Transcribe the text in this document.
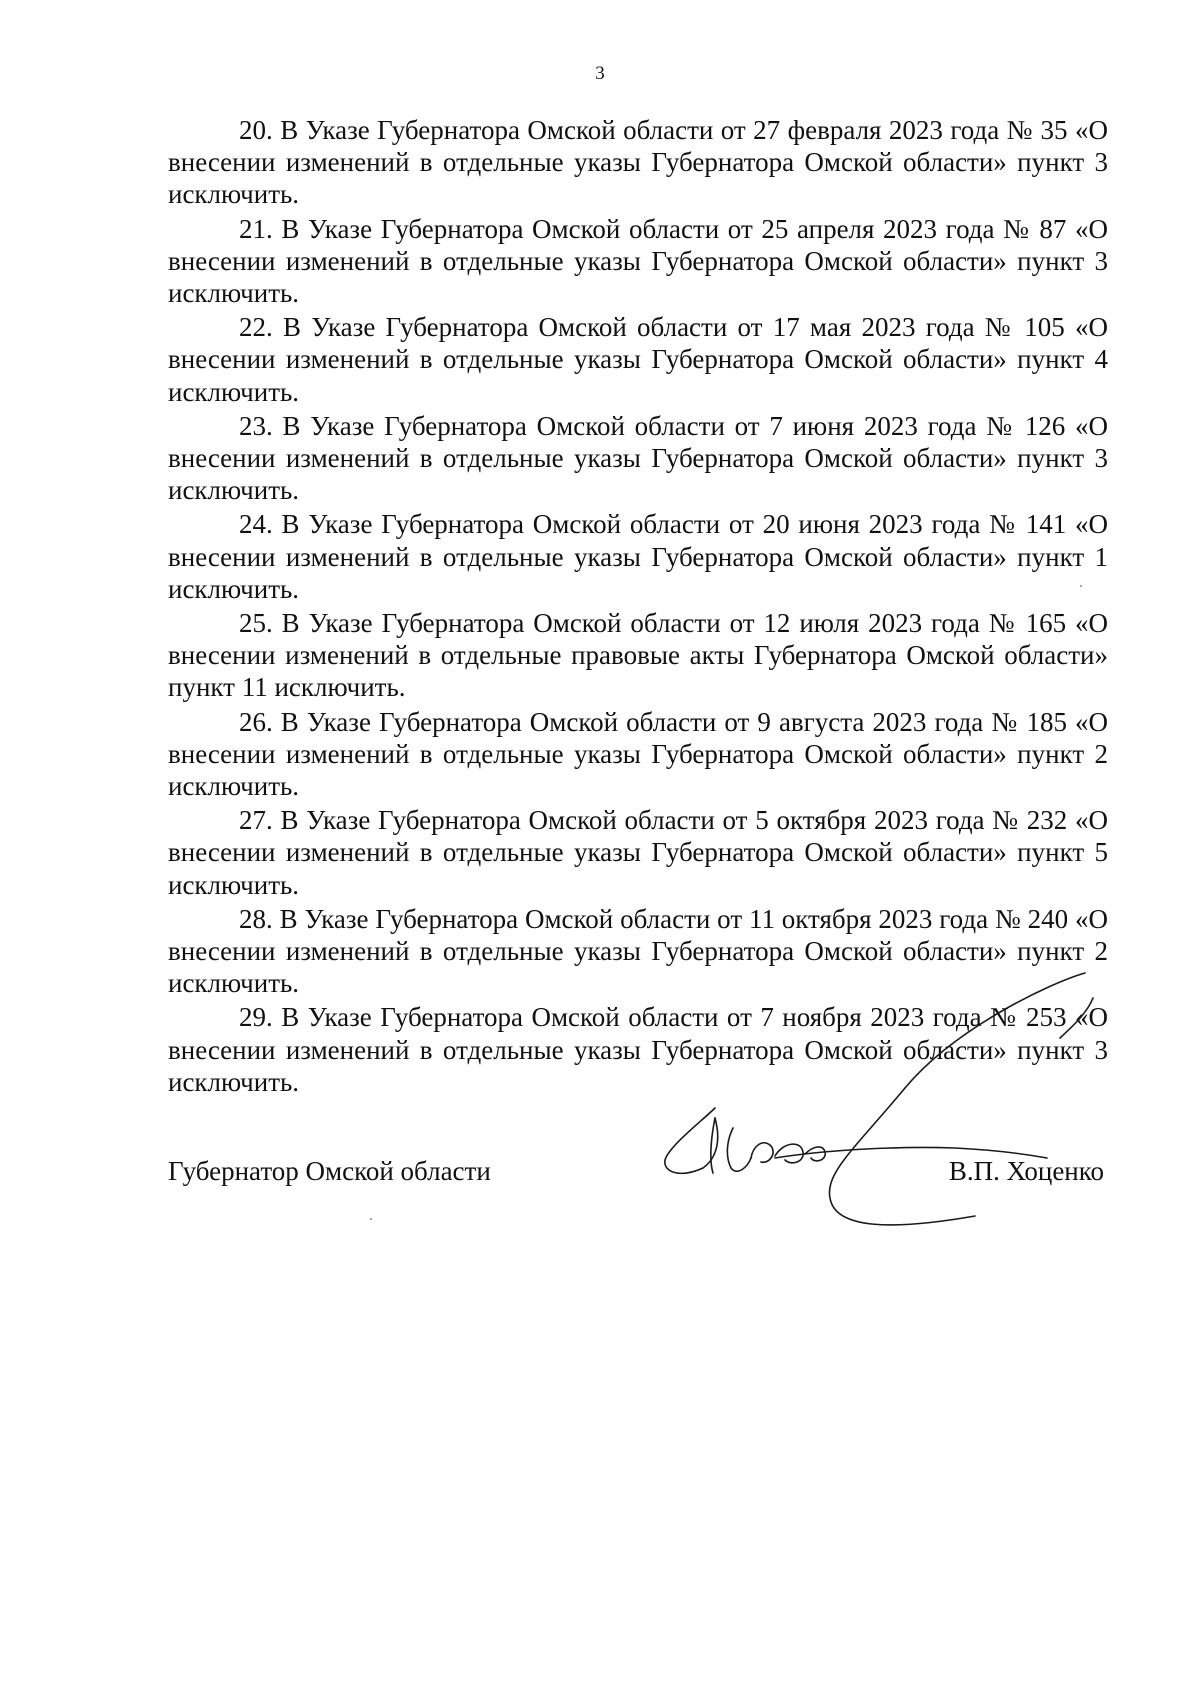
3

20. В Указе Губернатора Омской области от 27 февраля 2023 года № 35 «О внесении изменений в отдельные указы Губернатора Омской области» пункт 3 исключить.

21. В Указе Губернатора Омской области от 25 апреля 2023 года № 87 «О внесении изменений в отдельные указы Губернатора Омской области» пункт 3 исключить.

22. В Указе Губернатора Омской области от 17 мая 2023 года № 105 «О внесении изменений в отдельные указы Губернатора Омской области» пункт 4 исключить.

23. В Указе Губернатора Омской области от 7 июня 2023 года № 126 «О внесении изменений в отдельные указы Губернатора Омской области» пункт 3 исключить.

24. В Указе Губернатора Омской области от 20 июня 2023 года № 141 «О внесении изменений в отдельные указы Губернатора Омской области» пункт 1 исключить.

25. В Указе Губернатора Омской области от 12 июля 2023 года № 165 «О внесении изменений в отдельные правовые акты Губернатора Омской области» пункт 11 исключить.

26. В Указе Губернатора Омской области от 9 августа 2023 года № 185 «О внесении изменений в отдельные указы Губернатора Омской области» пункт 2 исключить.

27. В Указе Губернатора Омской области от 5 октября 2023 года № 232 «О внесении изменений в отдельные указы Губернатора Омской области» пункт 5 исключить.

28. В Указе Губернатора Омской области от 11 октября 2023 года № 240 «О внесении изменений в отдельные указы Губернатора Омской области» пункт 2 исключить.

29. В Указе Губернатора Омской области от 7 ноября 2023 года № 253 «О внесении изменений в отдельные указы Губернатора Омской области» пункт 3 исключить.

Губернатор Омской области	В.П. Хоценко
